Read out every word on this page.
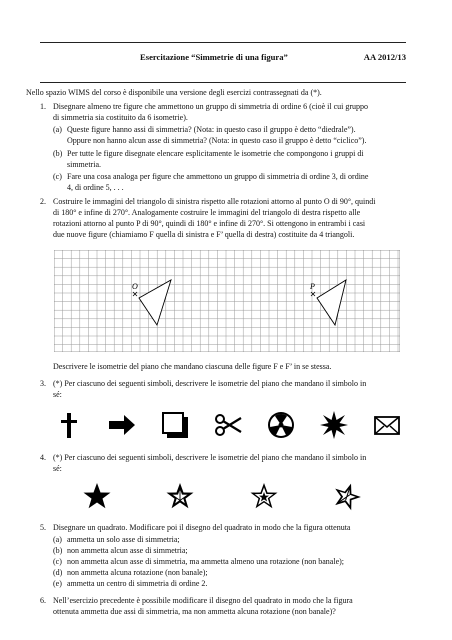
Esercitazione “Simmetrie di una figura”	AA 2012/13
Nello spazio WIMS del corso è disponibile una versione degli esercizi contrassegnati da (*).
1. Disegnare almeno tre figure che ammettono un gruppo di simmetria di ordine 6 (cioè il cui gruppo
di simmetria sia costituito da 6 isometrie).
(a) Queste figure hanno assi di simmetria? (Nota: in questo caso il gruppo è detto “diedrale”).
Oppure non hanno alcun asse di simmetria? (Nota: in questo caso il gruppo è detto “ciclico”).
(b) Per tutte le figure disegnate elencare esplicitamente le isometrie che compongono i gruppi di
simmetria.
(c) Fare una cosa analoga per figure che ammettono un gruppo di simmetria di ordine 3, di ordine
4, di ordine 5, . . .
2. Costruire le immagini del triangolo di sinistra rispetto alle rotazioni attorno al punto O di 90°, quindi
di 180° e infine di 270°. Analogamente costruire le immagini del triangolo di destra rispetto alle
rotazioni attorno al punto P di 90°, quindi di 180° e infine di 270°. Si ottengono in entrambi i casi
due nuove figure (chiamiamo F quella di sinistra e F’ quella di destra) costituite da 4 triangoli.
O	P
Descrivere le isometrie del piano che mandano ciascuna delle figure F e F’ in se stessa.
3. (*) Per ciascuno dei seguenti simboli, descrivere le isometrie del piano che mandano il simbolo in
sé:
4. (*) Per ciascuno dei seguenti simboli, descrivere le isometrie del piano che mandano il simbolo in
sé:
5. Disegnare un quadrato. Modificare poi il disegno del quadrato in modo che la figura ottenuta
(a) ammetta un solo asse di simmetria;
(b) non ammetta alcun asse di simmetria;
(c) non ammetta alcun asse di simmetria, ma ammetta almeno una rotazione (non banale);
(d) non ammetta alcuna rotazione (non banale);
(e) ammetta un centro di simmetria di ordine 2.
6. Nell’esercizio precedente è possibile modificare il disegno del quadrato in modo che la figura
ottenuta ammetta due assi di simmetria, ma non ammetta alcuna rotazione (non banale)?
